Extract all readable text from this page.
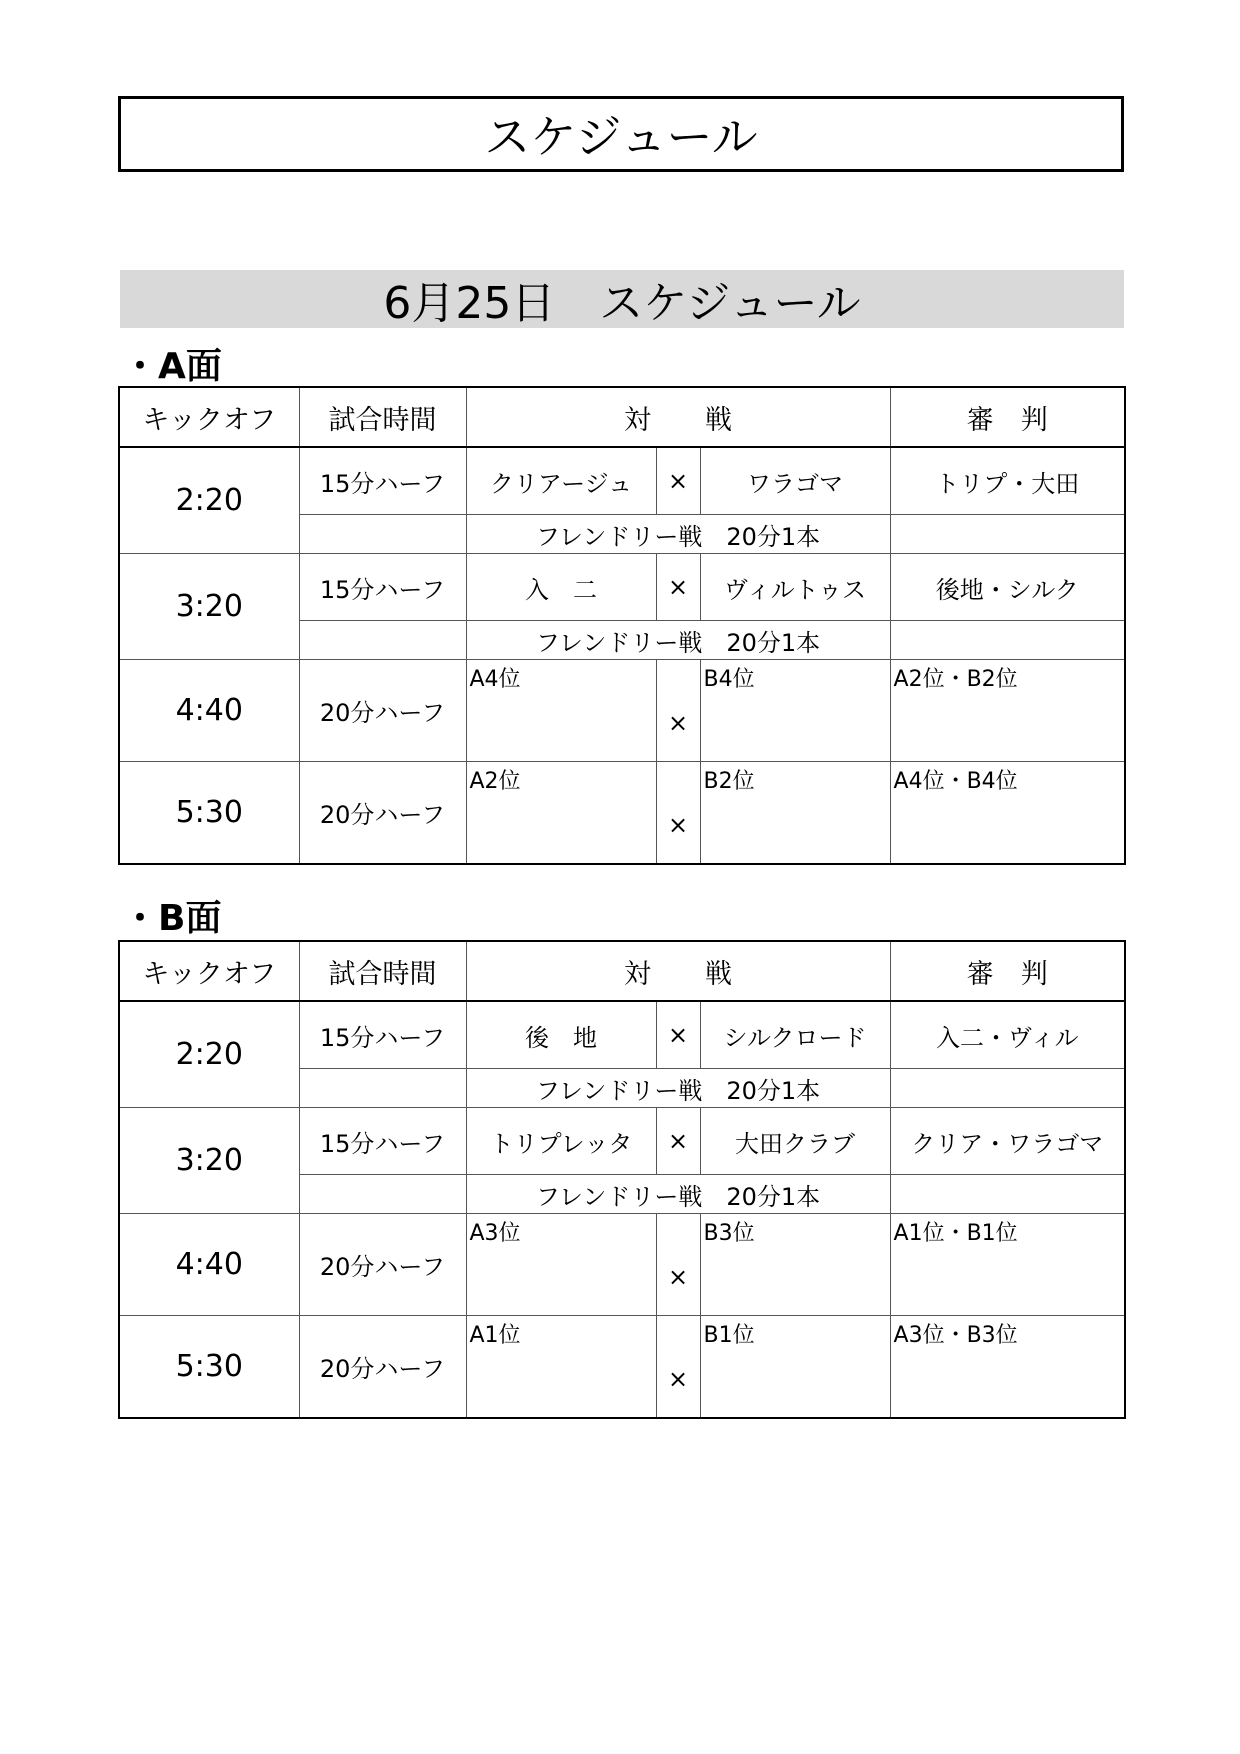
スケジュール
6月25日　スケジュール
・A面
キックオフ	試合時間	対　　戦			審　判
2:20	15分ハーフ	クリアージュ	×	ワラゴマ	トリプ・大田
		フレンドリー戦　20分1本			
3:20	15分ハーフ	入　二	×	ヴィルトゥス	後地・シルク
		フレンドリー戦　20分1本			
4:40	20分ハーフ	A4位	×	B4位	A2位・B2位
5:30	20分ハーフ	A2位	×	B2位	A4位・B4位
・B面
キックオフ	試合時間	対　　戦			審　判
2:20	15分ハーフ	後　地	×	シルクロード	入二・ヴィル
		フレンドリー戦　20分1本			
3:20	15分ハーフ	トリプレッタ	×	大田クラブ	クリア・ワラゴマ
		フレンドリー戦　20分1本			
4:40	20分ハーフ	A3位	×	B3位	A1位・B1位
5:30	20分ハーフ	A1位	×	B1位	A3位・B3位
